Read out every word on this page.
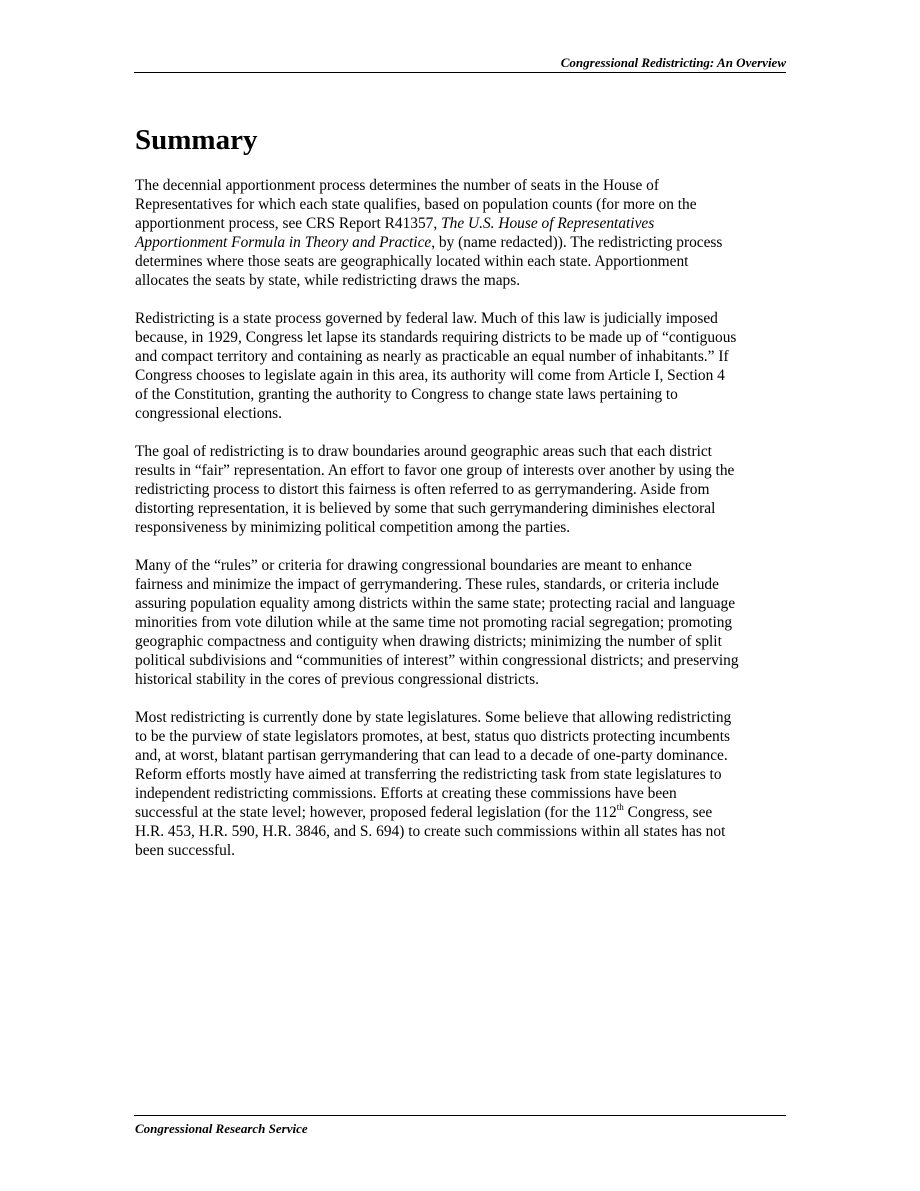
Congressional Redistricting: An Overview
Summary

The decennial apportionment process determines the number of seats in the House of
Representatives for which each state qualifies, based on population counts (for more on the
apportionment process, see CRS Report R41357, The U.S. House of Representatives
Apportionment Formula in Theory and Practice, by (name redacted)). The redistricting process
determines where those seats are geographically located within each state. Apportionment
allocates the seats by state, while redistricting draws the maps.

Redistricting is a state process governed by federal law. Much of this law is judicially imposed
because, in 1929, Congress let lapse its standards requiring districts to be made up of “contiguous
and compact territory and containing as nearly as practicable an equal number of inhabitants.” If
Congress chooses to legislate again in this area, its authority will come from Article I, Section 4
of the Constitution, granting the authority to Congress to change state laws pertaining to
congressional elections.

The goal of redistricting is to draw boundaries around geographic areas such that each district
results in “fair” representation. An effort to favor one group of interests over another by using the
redistricting process to distort this fairness is often referred to as gerrymandering. Aside from
distorting representation, it is believed by some that such gerrymandering diminishes electoral
responsiveness by minimizing political competition among the parties.

Many of the “rules” or criteria for drawing congressional boundaries are meant to enhance
fairness and minimize the impact of gerrymandering. These rules, standards, or criteria include
assuring population equality among districts within the same state; protecting racial and language
minorities from vote dilution while at the same time not promoting racial segregation; promoting
geographic compactness and contiguity when drawing districts; minimizing the number of split
political subdivisions and “communities of interest” within congressional districts; and preserving
historical stability in the cores of previous congressional districts.

Most redistricting is currently done by state legislatures. Some believe that allowing redistricting
to be the purview of state legislators promotes, at best, status quo districts protecting incumbents
and, at worst, blatant partisan gerrymandering that can lead to a decade of one-party dominance.
Reform efforts mostly have aimed at transferring the redistricting task from state legislatures to
independent redistricting commissions. Efforts at creating these commissions have been
successful at the state level; however, proposed federal legislation (for the 112th Congress, see
H.R. 453, H.R. 590, H.R. 3846, and S. 694) to create such commissions within all states has not
been successful.

Congressional Research Service
